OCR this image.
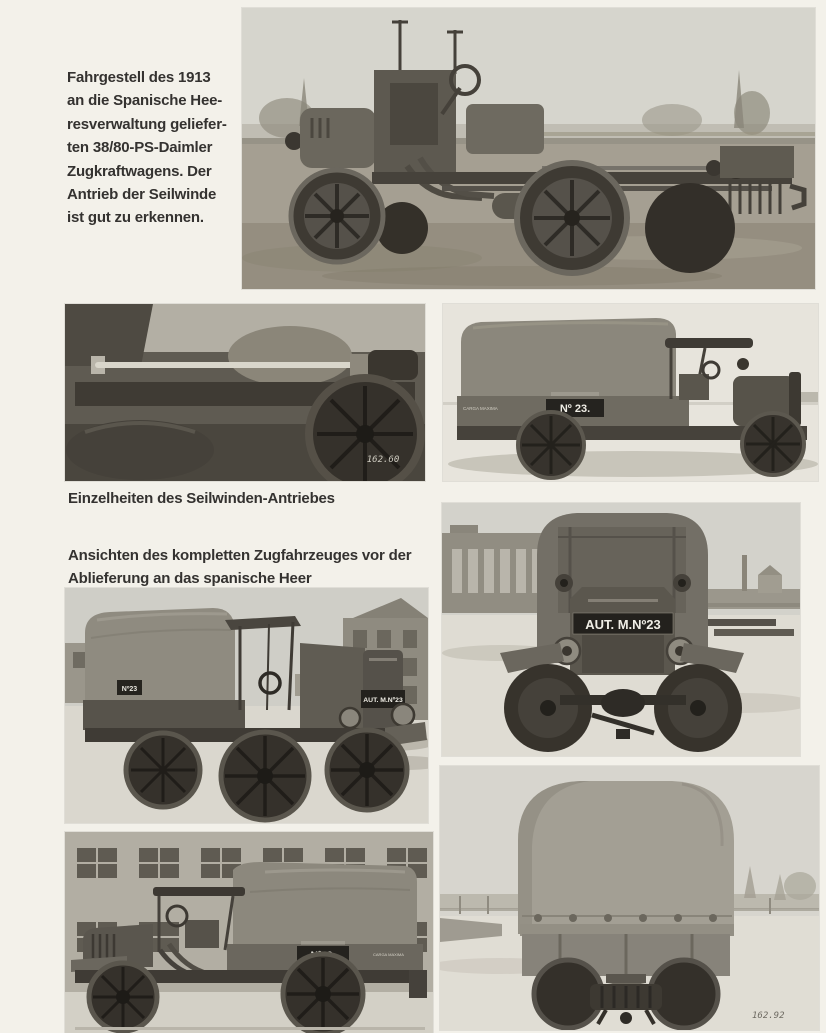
Fahrgestell des 1913
an die Spanische Hee-
resverwaltung geliefer-
ten 38/80-PS-Daimler
Zugkraftwagens. Der
Antrieb der Seilwinde
ist gut zu erkennen.
162.60
Nº 23.
CARGA MAXIMA
Einzelheiten des Seilwinden-Antriebes
Ansichten des kompletten Zugfahrzeuges vor der
Ablieferung an das spanische Heer
AUT. M.Nº23
Nº23
AUT. M.Nº23
CARGA MAXIMA
162.92
